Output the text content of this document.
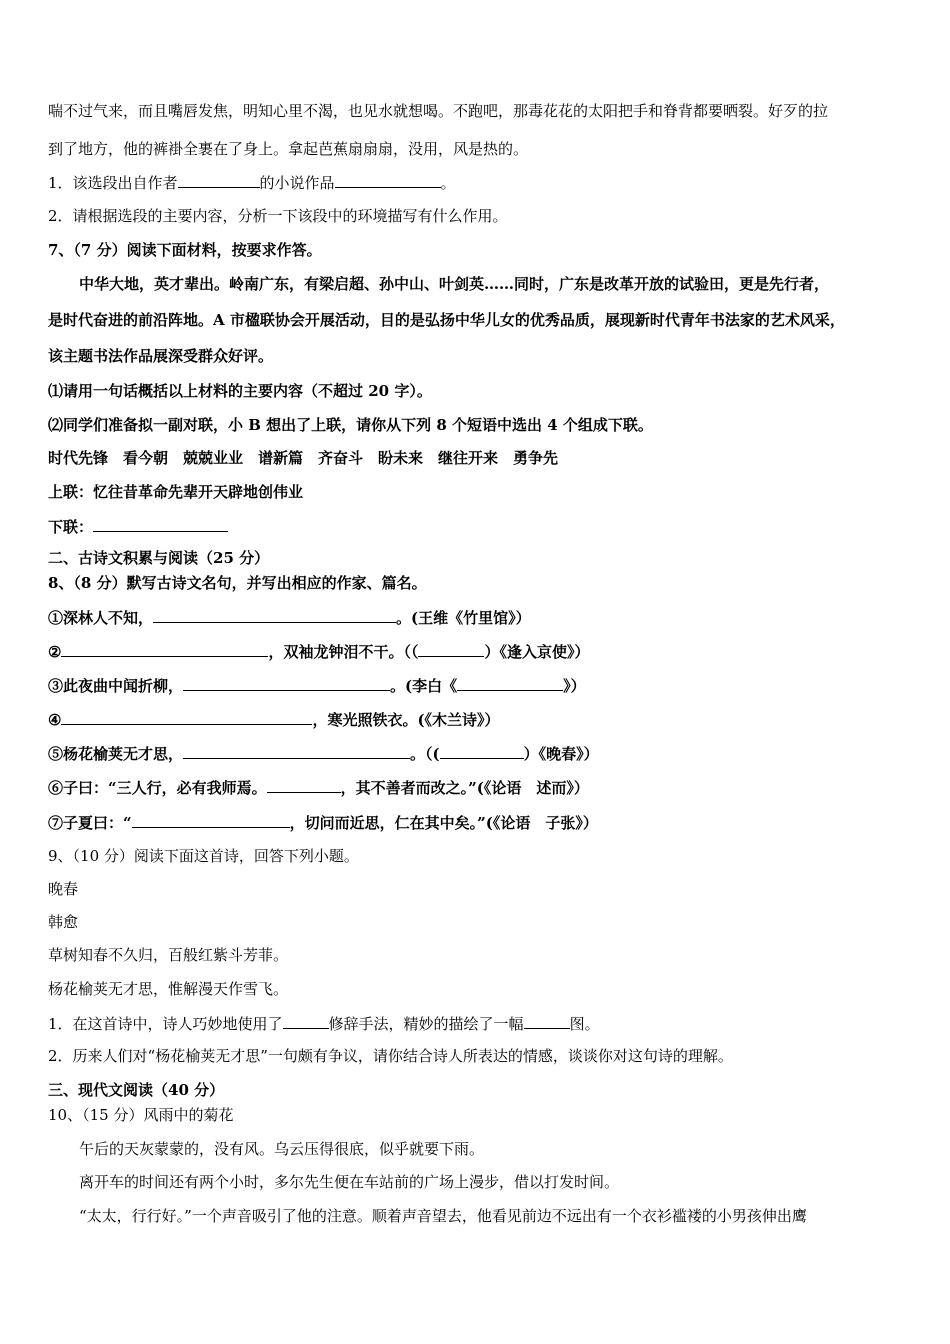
喘不过气来，而且嘴唇发焦，明知心里不渴，也见水就想喝。不跑吧，那毒花花的太阳把手和脊背都要晒裂。好歹的拉
到了地方，他的裤褂全裹在了身上。拿起芭蕉扇扇扇，没用，风是热的。
1．该选段出自作者	的小说作品	。
2．请根据选段的主要内容，分析一下该段中的环境描写有什么作用。
7、（7 分）阅读下面材料，按要求作答。
中华大地，英才辈出。岭南广东，有梁启超、孙中山、叶剑英……同时，广东是改革开放的试验田，更是先行者，
是时代奋进的前沿阵地。A 市楹联协会开展活动，目的是弘扬中华儿女的优秀品质，展现新时代青年书法家的艺术风采，
该主题书法作品展深受群众好评。
⑴请用一句话概括以上材料的主要内容（不超过 20 字）。
⑵同学们准备拟一副对联，小 B 想出了上联，请你从下列 8 个短语中选出 4 个组成下联。
时代先锋　看今朝　兢兢业业　谱新篇　齐奋斗　盼未来　继往开来　勇争先
上联：忆往昔革命先辈开天辟地创伟业
下联：
二、古诗文积累与阅读（25 分）
8、（8 分）默写古诗文名句，并写出相应的作家、篇名。
①深林人不知，	。(王维《竹里馆》）
②	，双袖龙钟泪不干。（（	）《逢入京使》）
③此夜曲中闻折柳，	。(李白《	》）
④	，寒光照铁衣。(《木兰诗》）
⑤杨花榆荚无才思，	。（(	）《晚春》）
⑥子曰：“三人行，必有我师焉。	，其不善者而改之。”(《论语　述而》）
⑦子夏曰：“	，切问而近思，仁在其中矣。”(《论语　子张》）
9、（10 分）阅读下面这首诗，回答下列小题。
晚春
韩愈
草树知春不久归，百般红紫斗芳菲。
杨花榆荚无才思，惟解漫天作雪飞。
1．在这首诗中，诗人巧妙地使用了	修辞手法，精妙的描绘了一幅	图。
2．历来人们对“杨花榆荚无才思”一句颇有争议，请你结合诗人所表达的情感，谈谈你对这句诗的理解。
三、现代文阅读（40 分）
10、（15 分）风雨中的菊花
午后的天灰蒙蒙的，没有风。乌云压得很底，似乎就要下雨。
离开车的时间还有两个小时，多尔先生便在车站前的广场上漫步，借以打发时间。
“太太，行行好。”一个声音吸引了他的注意。顺着声音望去，他看见前边不远出有一个衣衫褴褛的小男孩伸出鹰
